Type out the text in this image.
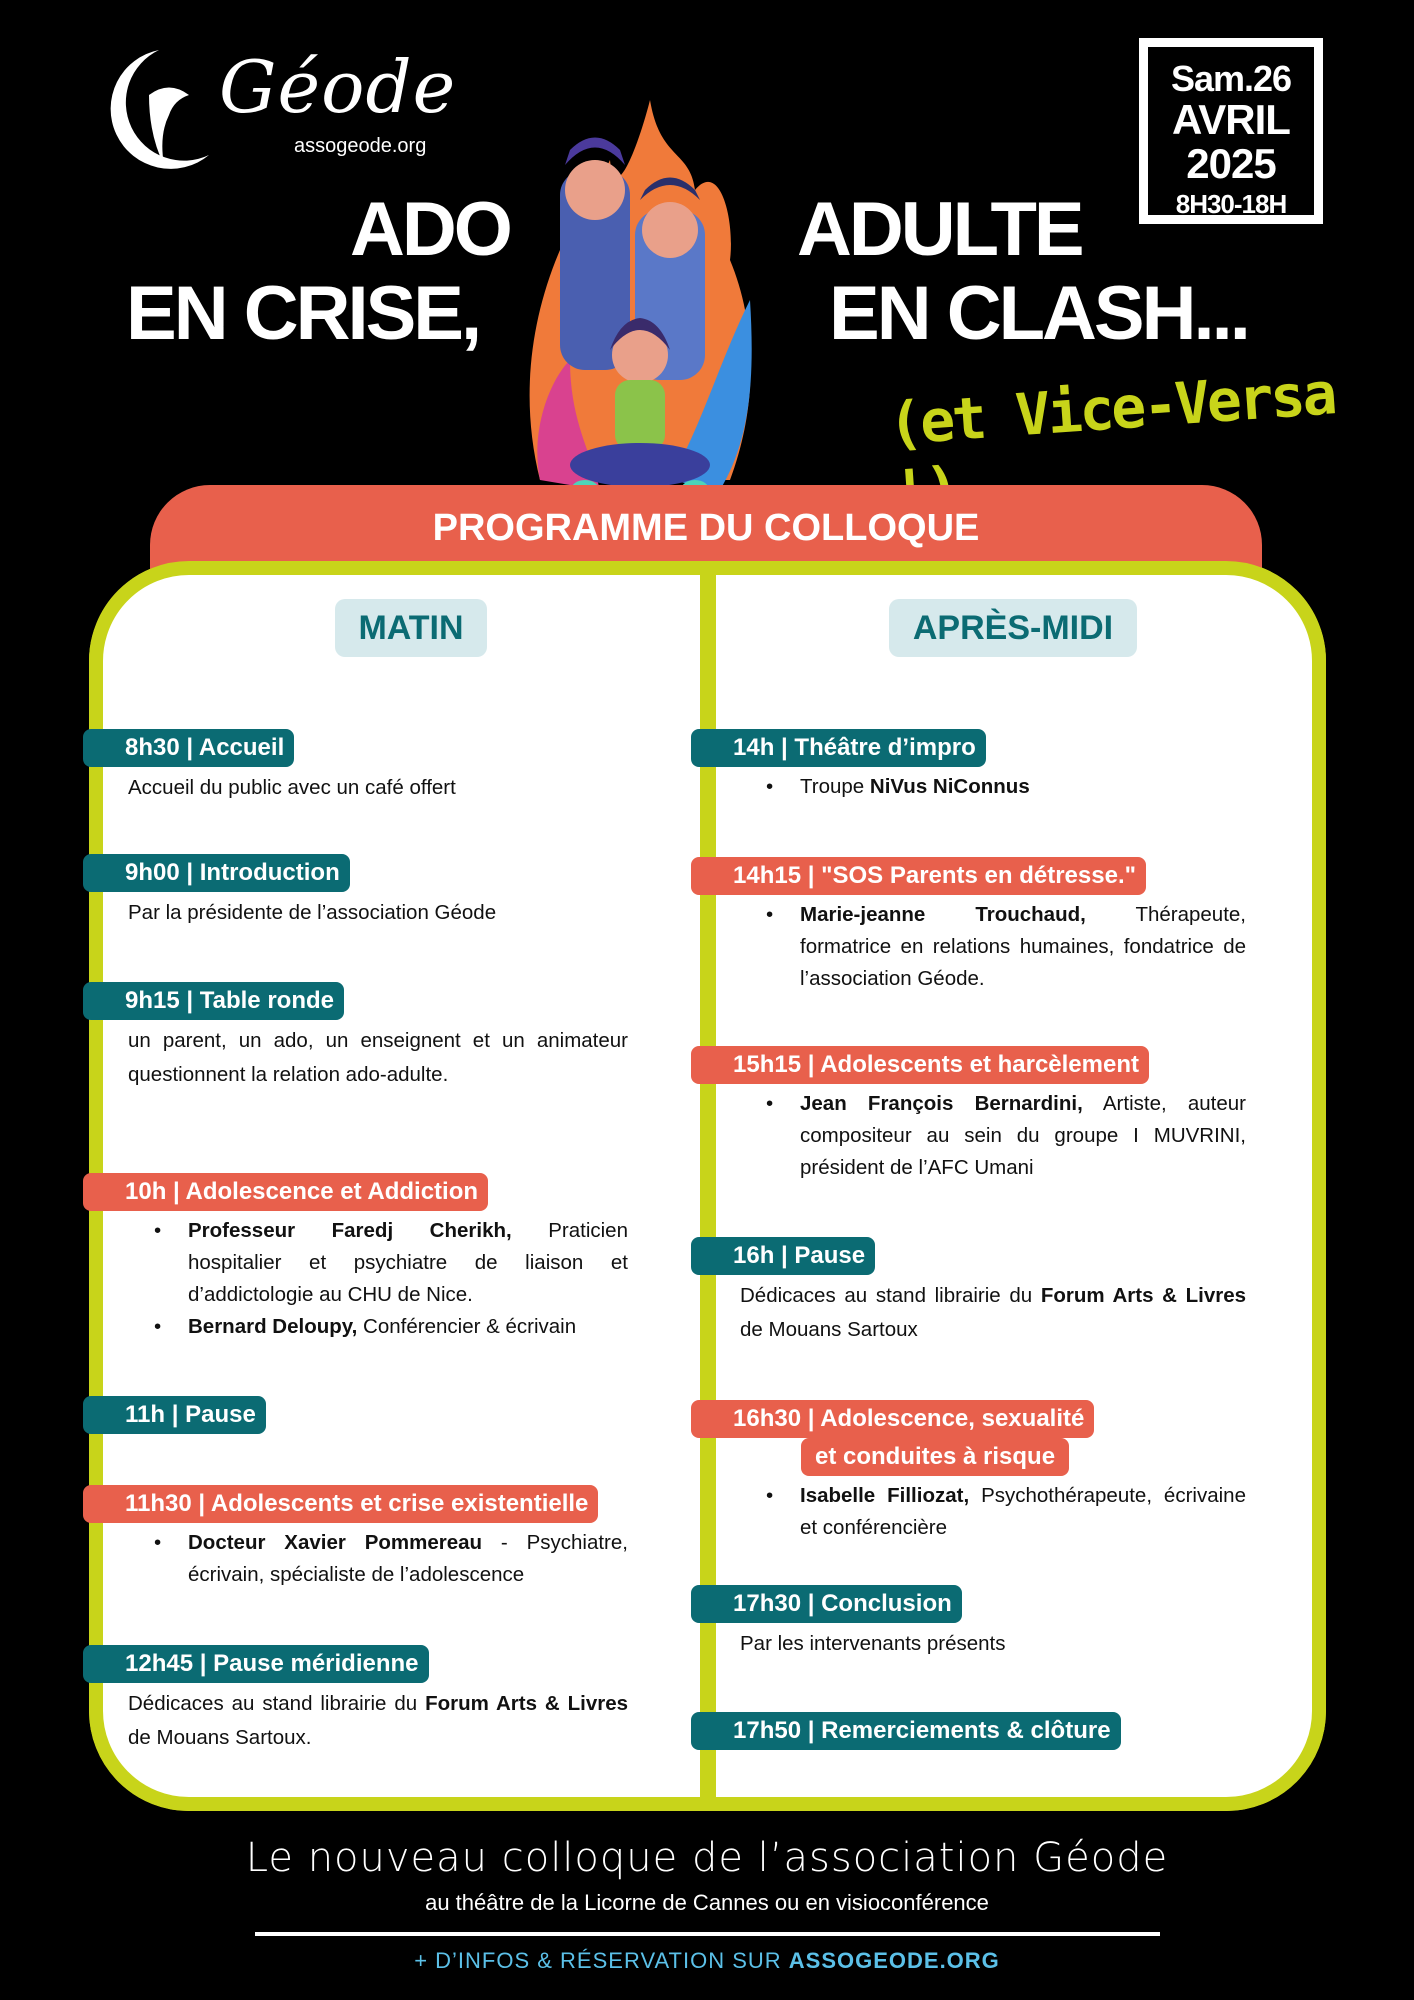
Géode
assogeode.org
Sam.26
AVRIL
2025
8H30-18H
ADO
EN CRISE,
ADULTE
EN CLASH...
(et Vice-Versa
PROGRAMME DU COLLOQUE
MATIN	APRÈS-MIDI
8h30 | Accueil
Accueil du public avec un café offert
9h00 | Introduction
Par la présidente de l’association Géode
9h15 | Table ronde
un parent, un ado, un enseignent et un animateur questionnent la relation ado-adulte.
10h | Adolescence et Addiction
• Professeur Faredj Cherikh, Praticien hospitalier et psychiatre de liaison et d’addictologie au CHU de Nice.
• Bernard Deloupy, Conférencier & écrivain
11h | Pause
11h30 | Adolescents et crise existentielle
• Docteur Xavier Pommereau - Psychiatre, écrivain, spécialiste de l’adolescence
12h45 | Pause méridienne
Dédicaces au stand librairie du Forum Arts & Livres de Mouans Sartoux.
14h | Théâtre d’impro
• Troupe NiVus NiConnus
14h15 | "SOS Parents en détresse."
• Marie-jeanne Trouchaud, Thérapeute, formatrice en relations humaines, fondatrice de l’association Géode.
15h15 | Adolescents et harcèlement
• Jean François Bernardini, Artiste, auteur compositeur au sein du groupe I MUVRINI, président de l’AFC Umani
16h | Pause
Dédicaces au stand librairie du Forum Arts & Livres de Mouans Sartoux
16h30 | Adolescence, sexualité
et conduites à risque
• Isabelle Filliozat, Psychothérapeute, écrivaine et conférencière
17h30 | Conclusion
Par les intervenants présents
17h50 | Remerciements & clôture
Le nouveau colloque de l’association Géode
au théâtre de la Licorne de Cannes ou en visioconférence
+ D’INFOS & RÉSERVATION SUR ASSOGEODE.ORG
